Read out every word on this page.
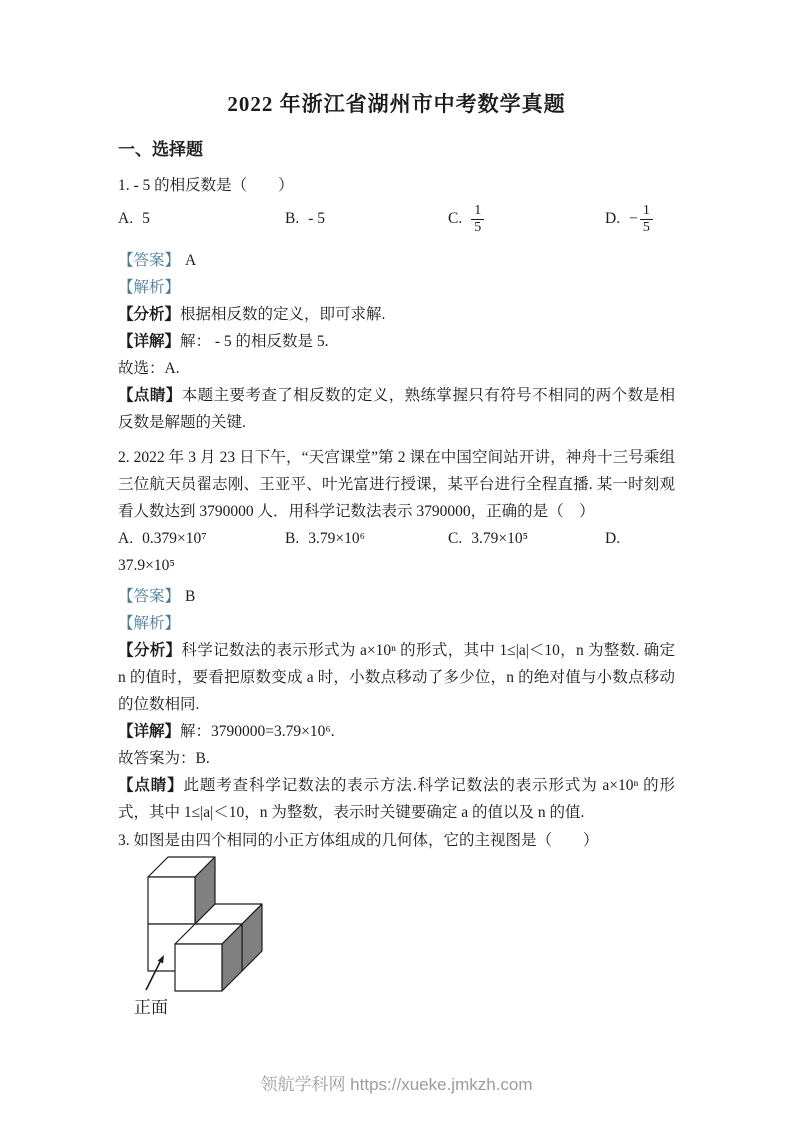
2022 年浙江省湖州市中考数学真题
一、选择题
1. - 5 的相反数是（　　）
A. 5	B. - 5	C. $\frac{1}{5}$	D. − $\frac{1}{5}$
【答案】 A
【解析】
【分析】根据相反数的定义，即可求解.
【详解】解： - 5 的相反数是 5.
故选：A.
【点睛】本题主要考查了相反数的定义，熟练掌握只有符号不相同的两个数是相反数是解题的关键.
2. 2022 年 3 月 23 日下午，“天宫课堂”第 2 课在中国空间站开讲，神舟十三号乘组三位航天员翟志刚、王亚平、叶光富进行授课，某平台进行全程直播. 某一时刻观看人数达到 3790000 人．用科学记数法表示 3790000，正确的是（　）
A. 0.379×10⁷	B. 3.79×10⁶	C. 3.79×10⁵	D.
37.9×10⁵
【答案】 B
【解析】
【分析】科学记数法的表示形式为 a×10ⁿ 的形式，其中 1≤|a|＜10，n 为整数. 确定 n 的值时，要看把原数变成 a 时，小数点移动了多少位，n 的绝对值与小数点移动的位数相同.
【详解】解：3790000=3.79×10⁶.
故答案为：B.
【点睛】此题考查科学记数法的表示方法.科学记数法的表示形式为 a×10ⁿ 的形式，其中 1≤|a|＜10，n 为整数，表示时关键要确定 a 的值以及 n 的值.
3. 如图是由四个相同的小正方体组成的几何体，它的主视图是（　　）
正面
领航学科网 https://xueke.jmkzh.com
